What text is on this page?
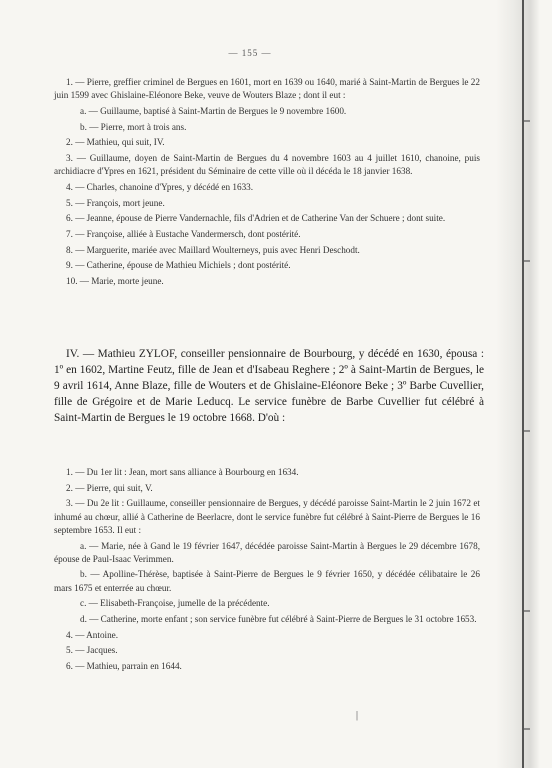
— 155 —
1. — Pierre, greffier criminel de Bergues en 1601, mort en 1639 ou 1640, marié à Saint-Martin de Bergues le 22 juin 1599 avec Ghislaine-Eléonore Beke, veuve de Wouters Blaze ; dont il eut :
a. — Guillaume, baptisé à Saint-Martin de Bergues le 9 novembre 1600.
b. — Pierre, mort à trois ans.
2. — Mathieu, qui suit, IV.
3. — Guillaume, doyen de Saint-Martin de Bergues du 4 novembre 1603 au 4 juillet 1610, chanoine, puis archidiacre d'Ypres en 1621, président du Séminaire de cette ville où il décéda le 18 janvier 1638.
4. — Charles, chanoine d'Ypres, y décédé en 1633.
5. — François, mort jeune.
6. — Jeanne, épouse de Pierre Vandernachle, fils d'Adrien et de Catherine Van der Schuere ; dont suite.
7. — Françoise, alliée à Eustache Vandermersch, dont postérité.
8. — Marguerite, mariée avec Maillard Woulterneys, puis avec Henri Deschodt.
9. — Catherine, épouse de Mathieu Michiels ; dont postérité.
10. — Marie, morte jeune.
IV. — Mathieu ZYLOF, conseiller pensionnaire de Bourbourg, y décédé en 1630, épousa : 1º en 1602, Martine Feutz, fille de Jean et d'Isabeau Reghere ; 2º à Saint-Martin de Bergues, le 9 avril 1614, Anne Blaze, fille de Wouters et de Ghislaine-Eléonore Beke ; 3º Barbe Cuvellier, fille de Grégoire et de Marie Leducq. Le service funèbre de Barbe Cuvellier fut célébré à Saint-Martin de Bergues le 19 octobre 1668. D'où :
1. — Du 1er lit : Jean, mort sans alliance à Bourbourg en 1634.
2. — Pierre, qui suit, V.
3. — Du 2e lit : Guillaume, conseiller pensionnaire de Bergues, y décédé paroisse Saint-Martin le 2 juin 1672 et inhumé au chœur, allié à Catherine de Beerlacre, dont le service funèbre fut célébré à Saint-Pierre de Bergues le 16 septembre 1653. Il eut :
a. — Marie, née à Gand le 19 février 1647, décédée paroisse Saint-Martin à Bergues le 29 décembre 1678, épouse de Paul-Isaac Verimmen.
b. — Apolline-Thérèse, baptisée à Saint-Pierre de Bergues le 9 février 1650, y décédée célibataire le 26 mars 1675 et enterrée au chœur.
c. — Elisabeth-Françoise, jumelle de la précédente.
d. — Catherine, morte enfant ; son service funèbre fut célébré à Saint-Pierre de Bergues le 31 octobre 1653.
4. — Antoine.
5. — Jacques.
6. — Mathieu, parrain en 1644.
|
